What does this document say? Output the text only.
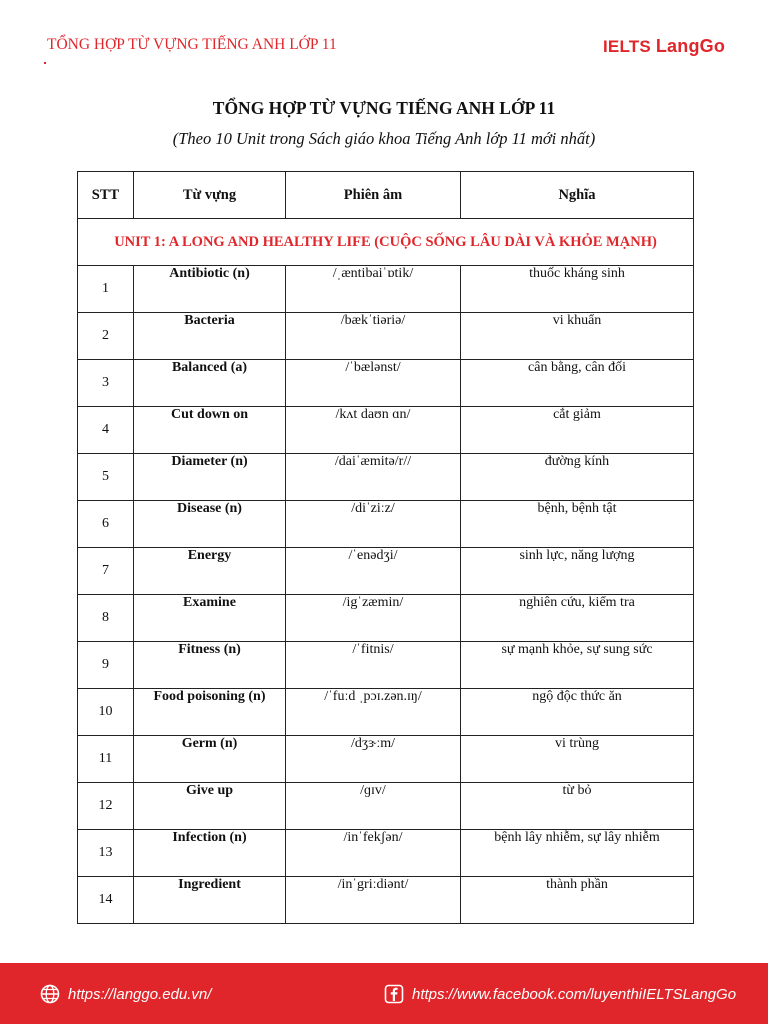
TỔNG HỢP TỪ VỰNG TIẾNG ANH LỚP 11	IELTS LangGo
TỔNG HỢP TỪ VỰNG TIẾNG ANH LỚP 11
(Theo 10 Unit trong Sách giáo khoa Tiếng Anh lớp 11 mới nhất)
STT	Từ vựng	Phiên âm	Nghĩa
UNIT 1: A LONG AND HEALTHY LIFE (CUỘC SỐNG LÂU DÀI VÀ KHỎE MẠNH)			
1	Antibiotic (n)	/ˌæntibaiˈɒtik/	thuốc kháng sinh
2	Bacteria	/bækˈtiəriə/	vi khuẩn
3	Balanced (a)	/ˈbælənst/	cân bằng, cân đối
4	Cut down on	/kʌt daʊn ɑn/	cắt giảm
5	Diameter (n)	/daiˈæmitə/r//	đường kính
6	Disease (n)	/diˈziːz/	bệnh, bệnh tật
7	Energy	/ˈenədʒi/	sinh lực, năng lượng
8	Examine	/igˈzæmin/	nghiên cứu, kiểm tra
9	Fitness (n)	/ˈfitnis/	sự mạnh khỏe, sự sung sức
10	Food poisoning (n)	/ˈfuːd ˌpɔɪ.zən.ɪŋ/	ngộ độc thức ăn
11	Germ (n)	/dʒɝːm/	vi trùng
12	Give up	/ɡɪv/	từ bỏ
13	Infection (n)	/inˈfekʃən/	bệnh lây nhiễm, sự lây nhiễm
14	Ingredient	/inˈgriːdiənt/	thành phần
https://langgo.edu.vn/	https://www.facebook.com/luyenthiIELTSLangGo
